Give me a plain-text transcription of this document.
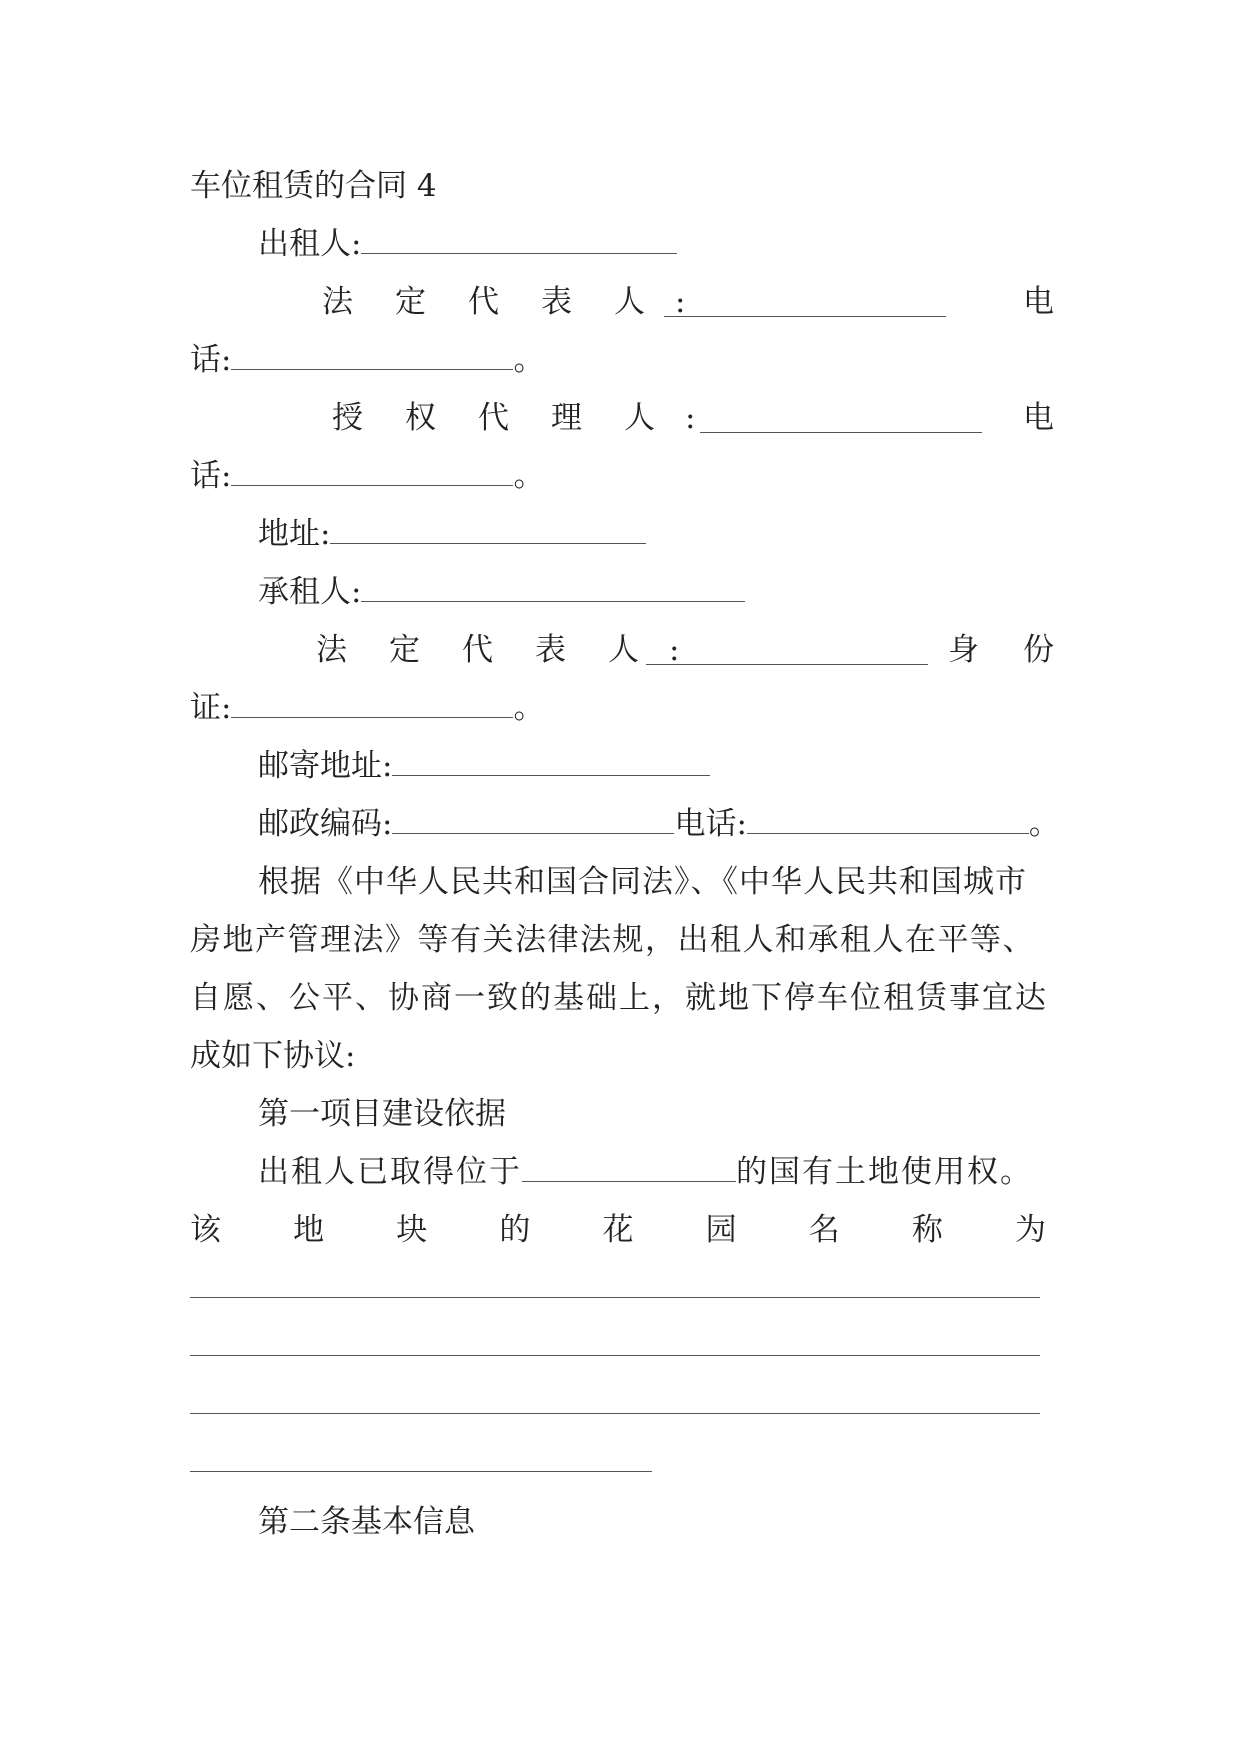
车位租赁的合同 4
出租人:
法 定 代 表 人 :	电
话:	。
授 权 代 理 人 :	电
话:	。
地址:
承租人:
法 定 代 表 人 :	身 份
证:	。
邮寄地址:
邮政编码:	电话:	。
根据《中华人民共和国合同法》、《中华人民共和国城市
房地产管理法》等有关法律法规，出租人和承租人在平等、
自愿、公平、协商一致的基础上，就地下停车位租赁事宜达
成如下协议:
第一项目建设依据
出租人已取得位于	的国有土地使用权。
该 地 块 的 花 园 名 称 为
第二条基本信息
